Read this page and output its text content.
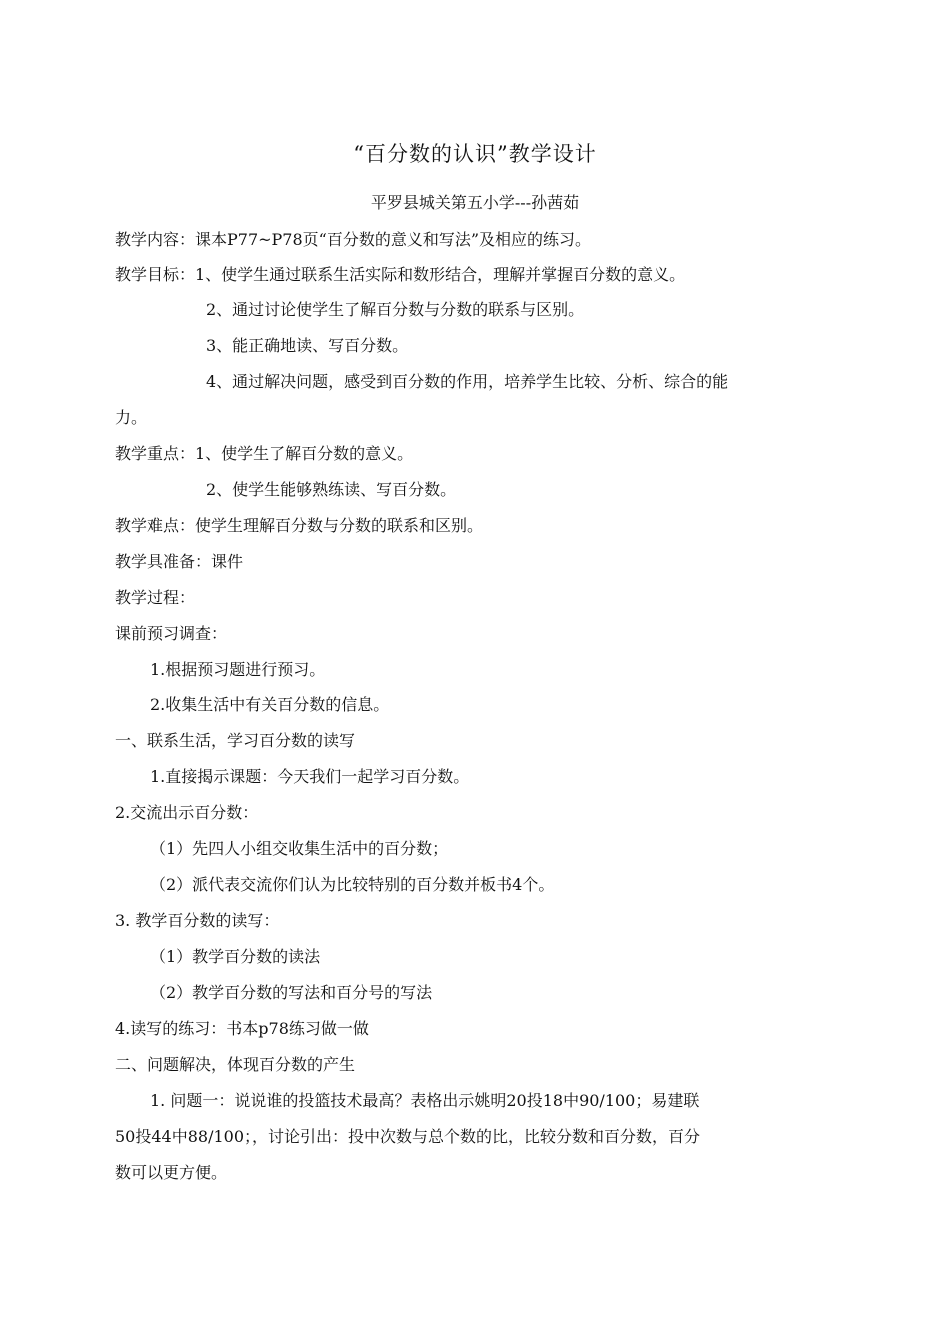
“百分数的认识”教学设计
平罗县城关第五小学---孙茜茹
教学内容：课本P77~P78页“百分数的意义和写法”及相应的练习。
教学目标：1、使学生通过联系生活实际和数形结合，理解并掌握百分数的意义。
2、通过讨论使学生了解百分数与分数的联系与区别。
3、能正确地读、写百分数。
4、通过解决问题，感受到百分数的作用，培养学生比较、分析、综合的能
力。
教学重点：1、使学生了解百分数的意义。
2、使学生能够熟练读、写百分数。
教学难点：使学生理解百分数与分数的联系和区别。
教学具准备：课件
教学过程：
课前预习调查：
1.根据预习题进行预习。
2.收集生活中有关百分数的信息。
一、联系生活，学习百分数的读写
1.直接揭示课题：今天我们一起学习百分数。
2.交流出示百分数：
（1）先四人小组交收集生活中的百分数；
（2）派代表交流你们认为比较特别的百分数并板书4个。
3. 教学百分数的读写：
（1）教学百分数的读法
（2）教学百分数的写法和百分号的写法
4.读写的练习：书本p78练习做一做
二、问题解决，体现百分数的产生
1. 问题一：说说谁的投篮技术最高？表格出示姚明20投18中90/100；易建联
50投44中88/100；，讨论引出：投中次数与总个数的比，比较分数和百分数，百分
数可以更方便。
